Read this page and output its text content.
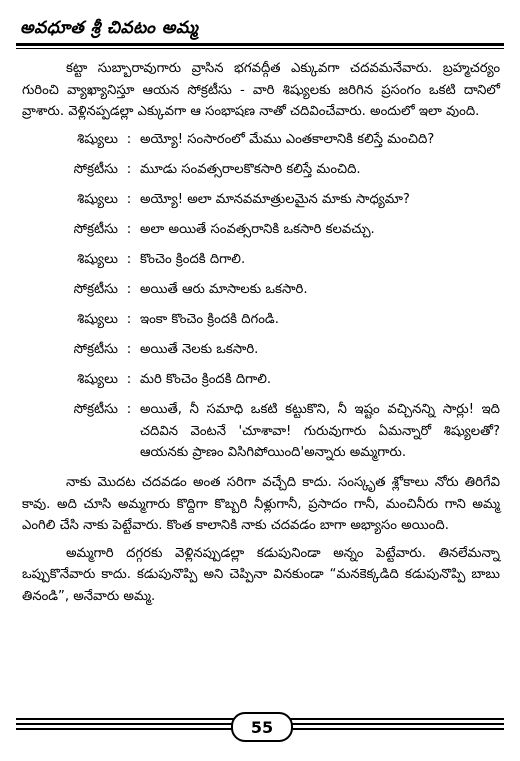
అవధూత శ్రీ చివటం అమ్మ

కట్టా సుబ్బారావుగారు వ్రాసిన భగవద్గీత ఎక్కువగా చదవమనేవారు. బ్రహ్మచర్యం గురించి వ్యాఖ్యానిస్తూ ఆయన సోక్రటీసు - వారి శిష్యులకు జరిగిన ప్రసంగం ఒకటి దానిలో వ్రాశారు. వెళ్లినప్పడల్లా ఎక్కువగా ఆ సంభాషణ నాతో చదివించేవారు. అందులో ఇలా వుంది.

శిష్యులు : అయ్యో! సంసారంలో మేము ఎంతకాలానికి కలిస్తే మంచిది?
సోక్రటీసు : మూడు సంవత్సరాలకొకసారి కలిస్తే మంచిది.
శిష్యులు : అయ్యో! అలా మానవమాత్రులమైన మాకు సాధ్యమా?
సోక్రటీసు : అలా అయితే సంవత్సరానికి ఒకసారి కలవచ్చు.
శిష్యులు : కొంచెం క్రిందకి దిగాలి.
సోక్రటీసు : అయితే ఆరు మాసాలకు ఒకసారి.
శిష్యులు : ఇంకా కొంచెం క్రిందకి దిగండి.
సోక్రటీసు : అయితే నెలకు ఒకసారి.
శిష్యులు : మరి కొంచెం క్రిందకి దిగాలి.
సోక్రటీసు : అయితే, నీ సమాధి ఒకటి కట్టుకొని, నీ ఇష్టం వచ్చినన్ని సార్లు! ఇది చదివిన వెంటనే 'చూశావా! గురువుగారు ఏమన్నారో శిష్యులతో? ఆయనకు ప్రాణం విసిగిపోయింది'అన్నారు అమ్మగారు.

నాకు మొదట చదవడం అంత సరిగా వచ్చేది కాదు. సంస్కృత శ్లోకాలు నోరు తిరిగేవి కావు. అది చూసి అమ్మగారు కొద్దిగా కొబ్బరి నీళ్లుగానీ, ప్రసాదం గానీ, మంచినీరు గాని అమ్మ ఎంగిలి చేసి నాకు పెట్టేవారు. కొంత కాలానికి నాకు చదవడం బాగా అభ్యాసం అయింది.

అమ్మగారి దగ్గరకు వెళ్లినప్పుడల్లా కడుపునిండా అన్నం పెట్టేవారు. తినలేమన్నా ఒప్పుకొనేవారు కాదు. కడుపునొప్పి అని చెప్పినా వినకుండా “మనకెక్కడిది కడుపునొప్పి బాబు తినండి”, అనేవారు అమ్మ.

55
